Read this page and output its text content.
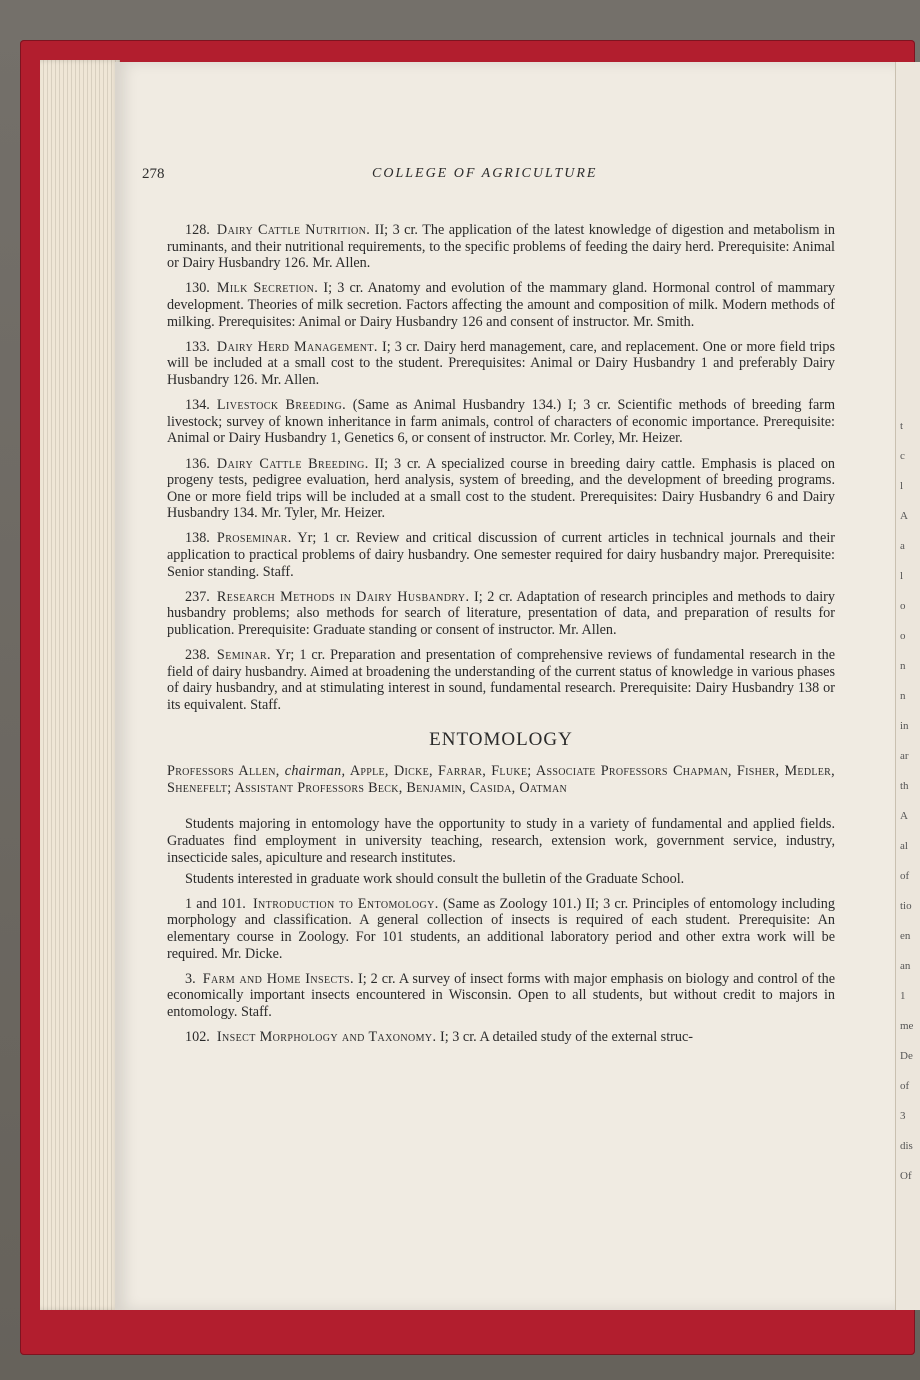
t
c
l
A
a
l
o
o
n
n
in
ar
th
A
al
of
tio
en
an
1
me
De
of
3
dis
Of
278	COLLEGE OF AGRICULTURE

128.  Dairy Cattle Nutrition. II; 3 cr. The application of the latest knowledge of digestion and metabolism in ruminants, and their nutritional requirements, to the specific problems of feeding the dairy herd. Prerequisite: Animal or Dairy Husbandry 126. Mr. Allen.

130.  Milk Secretion. I; 3 cr. Anatomy and evolution of the mammary gland. Hormonal control of mammary development. Theories of milk secretion. Factors affecting the amount and composition of milk. Modern methods of milking. Prerequisites: Animal or Dairy Husbandry 126 and consent of instructor. Mr. Smith.

133.  Dairy Herd Management. I; 3 cr. Dairy herd management, care, and replacement. One or more field trips will be included at a small cost to the student. Prerequisites: Animal or Dairy Husbandry 1 and preferably Dairy Husbandry 126. Mr. Allen.

134.  Livestock Breeding. (Same as Animal Husbandry 134.) I; 3 cr. Scientific methods of breeding farm livestock; survey of known inheritance in farm animals, control of characters of economic importance. Prerequisite: Animal or Dairy Husbandry 1, Genetics 6, or consent of instructor. Mr. Corley, Mr. Heizer.

136.  Dairy Cattle Breeding. II; 3 cr. A specialized course in breeding dairy cattle. Emphasis is placed on progeny tests, pedigree evaluation, herd analysis, system of breeding, and the development of breeding programs. One or more field trips will be included at a small cost to the student. Prerequisites: Dairy Husbandry 6 and Dairy Husbandry 134. Mr. Tyler, Mr. Heizer.

138.  Proseminar. Yr; 1 cr. Review and critical discussion of current articles in technical journals and their application to practical problems of dairy husbandry. One semester required for dairy husbandry major. Prerequisite: Senior standing. Staff.

237.  Research Methods in Dairy Husbandry. I; 2 cr. Adaptation of research principles and methods to dairy husbandry problems; also methods for search of literature, presentation of data, and preparation of results for publication. Prerequisite: Graduate standing or consent of instructor. Mr. Allen.

238.  Seminar. Yr; 1 cr. Preparation and presentation of comprehensive reviews of fundamental research in the field of dairy husbandry. Aimed at broadening the understanding of the current status of knowledge in various phases of dairy husbandry, and at stimulating interest in sound, fundamental research. Prerequisite: Dairy Husbandry 138 or its equivalent. Staff.

ENTOMOLOGY
Professors Allen, chairman, Apple, Dicke, Farrar, Fluke; Associate Professors Chapman, Fisher, Medler, Shenefelt; Assistant Professors Beck, Benjamin, Casida, Oatman

Students majoring in entomology have the opportunity to study in a variety of fundamental and applied fields. Graduates find employment in university teaching, research, extension work, government service, industry, insecticide sales, apiculture and research institutes.

Students interested in graduate work should consult the bulletin of the Graduate School.

1 and 101.  Introduction to Entomology. (Same as Zoology 101.) II; 3 cr. Principles of entomology including morphology and classification. A general collection of insects is required of each student. Prerequisite: An elementary course in Zoology. For 101 students, an additional laboratory period and other extra work will be required. Mr. Dicke.

3.  Farm and Home Insects. I; 2 cr. A survey of insect forms with major emphasis on biology and control of the economically important insects encountered in Wisconsin. Open to all students, but without credit to majors in entomology. Staff.

102.  Insect Morphology and Taxonomy. I; 3 cr. A detailed study of the external struc-
